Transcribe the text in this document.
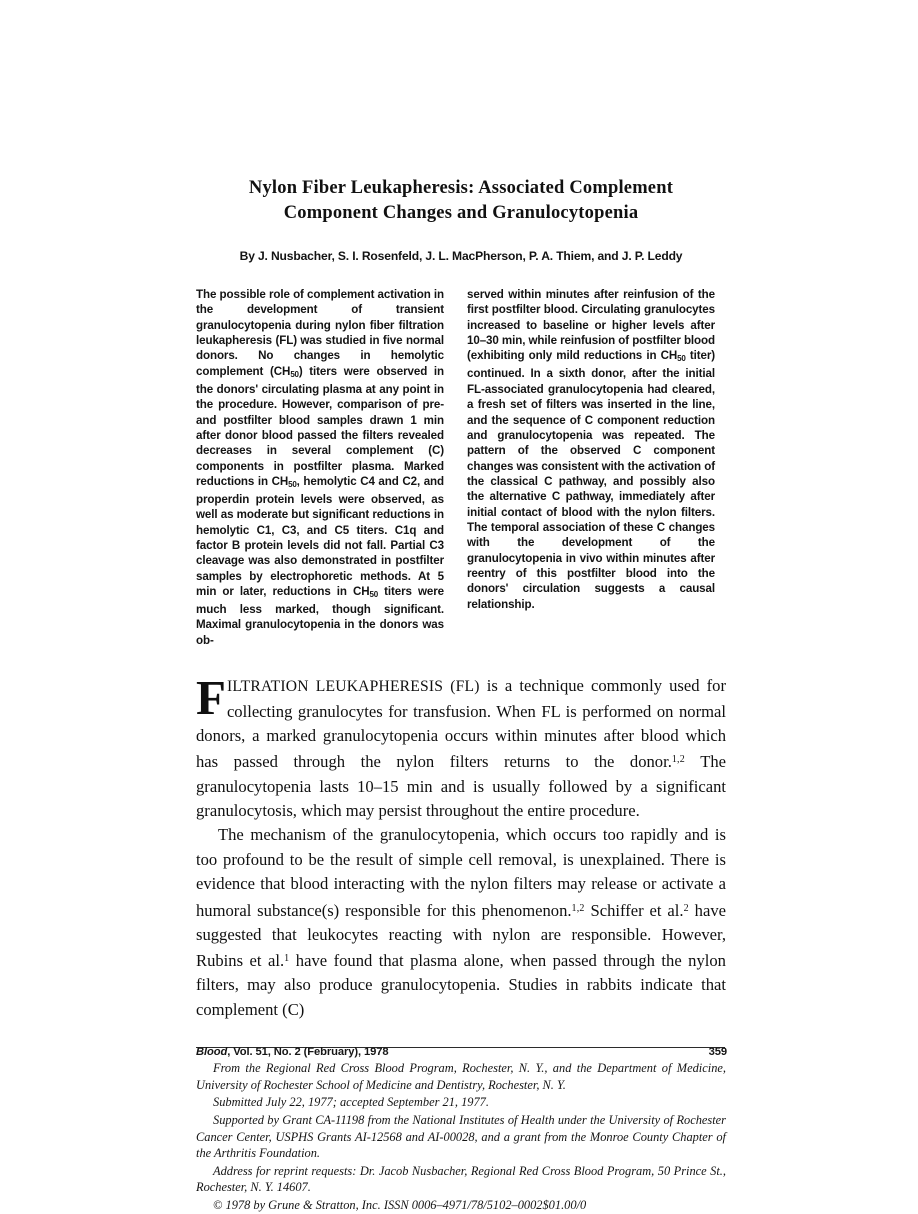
Nylon Fiber Leukapheresis: Associated Complement
Component Changes and Granulocytopenia
By J. Nusbacher, S. I. Rosenfeld, J. L. MacPherson, P. A. Thiem, and J. P. Leddy

The possible role of complement activation in the development of transient granulocytopenia during nylon fiber filtration leukapheresis (FL) was studied in five normal donors. No changes in hemolytic complement $(CH_{50})$ titers were observed in the donors' circulating plasma at any point in the procedure. However, comparison of pre- and postfilter blood samples drawn 1 min after donor blood passed the filters revealed decreases in several complement (C) components in postfilter plasma. Marked reductions in $CH_{50}$, hemolytic C4 and C2, and properdin protein levels were observed, as well as moderate but significant reductions in hemolytic C1, C3, and C5 titers. C1q and factor B protein levels did not fall. Partial C3 cleavage was also demonstrated in postfilter samples by electrophoretic methods. At 5 min or later, reductions in $CH_{50}$ titers were much less marked, though significant. Maximal granulocytopenia in the donors was ob-

served within minutes after reinfusion of the first postfilter blood. Circulating granulocytes increased to baseline or higher levels after 10–30 min, while reinfusion of postfilter blood (exhibiting only mild reductions in $CH_{50}$ titer) continued. In a sixth donor, after the initial FL-associated granulocytopenia had cleared, a fresh set of filters was inserted in the line, and the sequence of C component reduction and granulocytopenia was repeated. The pattern of the observed C component changes was consistent with the activation of the classical C pathway, and possibly also the alternative C pathway, immediately after initial contact of blood with the nylon filters. The temporal association of these C changes with the development of the granulocytopenia in vivo within minutes after reentry of this postfilter blood into the donors' circulation suggests a causal relationship.

FILTRATION LEUKAPHERESIS (FL) is a technique commonly used for collecting granulocytes for transfusion. When FL is performed on normal donors, a marked granulocytopenia occurs within minutes after blood which has passed through the nylon filters returns to the donor.$^{1,2}$ The granulocytopenia lasts 10–15 min and is usually followed by a significant granulocytosis, which may persist throughout the entire procedure.

The mechanism of the granulocytopenia, which occurs too rapidly and is too profound to be the result of simple cell removal, is unexplained. There is evidence that blood interacting with the nylon filters may release or activate a humoral substance(s) responsible for this phenomenon.$^{1,2}$ Schiffer et al.$^2$ have suggested that leukocytes reacting with nylon are responsible. However, Rubins et al.$^1$ have found that plasma alone, when passed through the nylon filters, may also produce granulocytopenia. Studies in rabbits indicate that complement (C)

From the Regional Red Cross Blood Program, Rochester, N. Y., and the Department of Medicine, University of Rochester School of Medicine and Dentistry, Rochester, N. Y.

Submitted July 22, 1977; accepted September 21, 1977.

Supported by Grant CA-11198 from the National Institutes of Health under the University of Rochester Cancer Center, USPHS Grants AI-12568 and AI-00028, and a grant from the Monroe County Chapter of the Arthritis Foundation.

Address for reprint requests: Dr. Jacob Nusbacher, Regional Red Cross Blood Program, 50 Prince St., Rochester, N. Y. 14607.

© 1978 by Grune & Stratton, Inc. ISSN 0006–4971/78/5102–0002$01.00/0

Blood, Vol. 51, No. 2 (February), 1978	359
